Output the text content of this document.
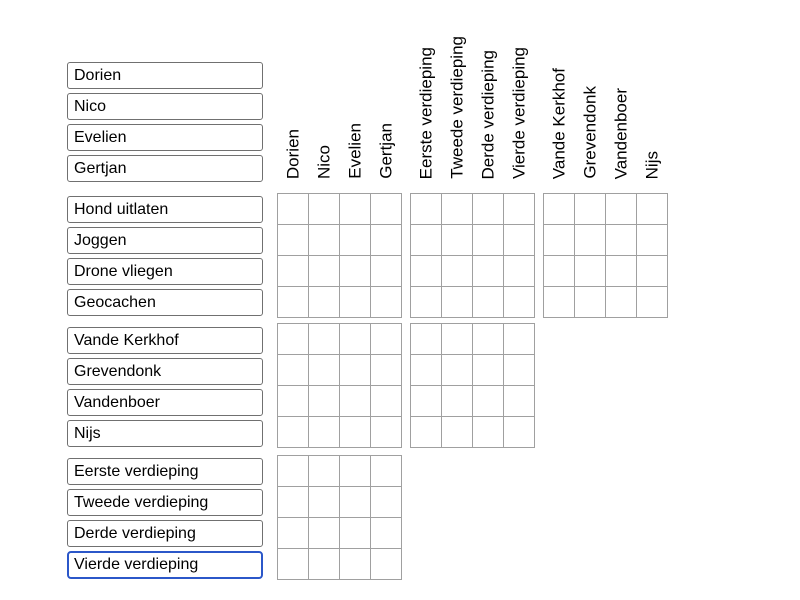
Dorien
Nico
Evelien
Gertjan
Hond uitlaten
Joggen
Drone vliegen
Geocachen
Vande Kerkhof
Grevendonk
Vandenboer
Nijs
Eerste verdieping
Tweede verdieping
Derde verdieping
Vierde verdieping
Dorien Nico Evelien Gertjan Eerste verdieping Tweede verdieping Derde verdieping Vierde verdieping Vande Kerkhof Grevendonk Vandenboer Nijs
